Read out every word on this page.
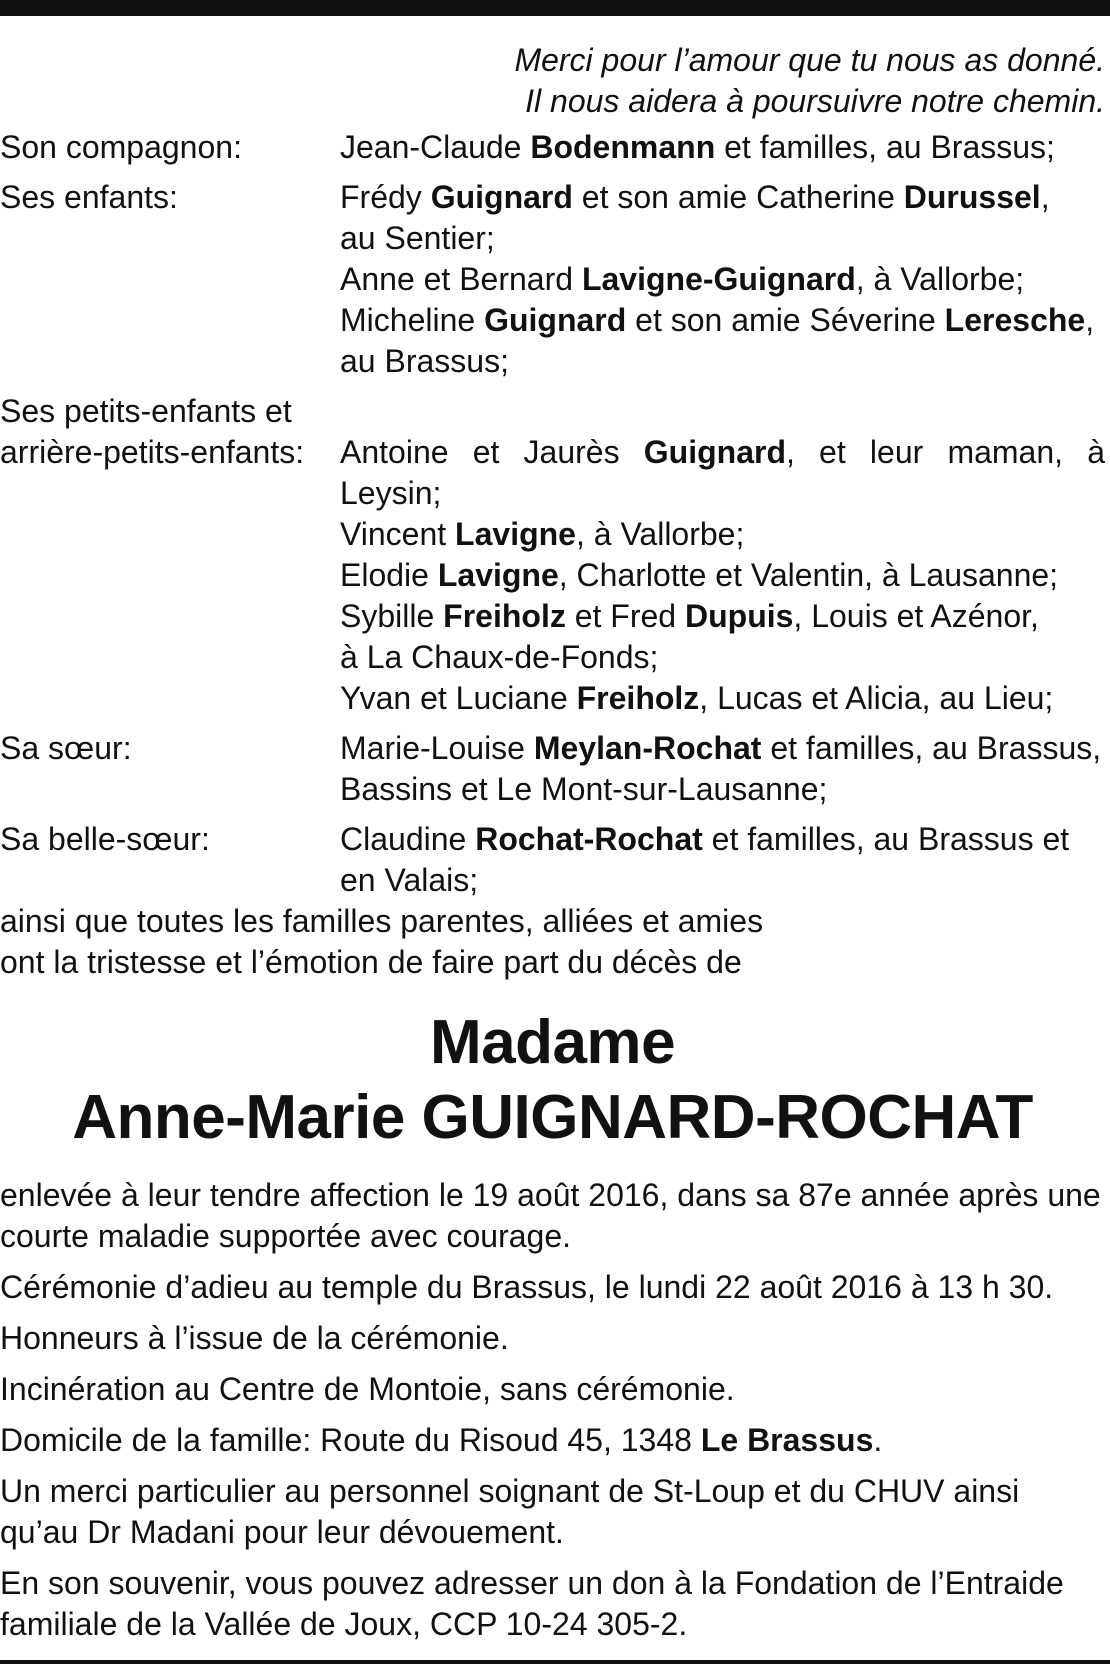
Merci pour l’amour que tu nous as donné.
Il nous aidera à poursuivre notre chemin.
Son compagnon:	Jean-Claude Bodenmann et familles, au Brassus;
Ses enfants:	Frédy Guignard et son amie Catherine Durussel,
au Sentier;
Anne et Bernard Lavigne-Guignard, à Vallorbe;
Micheline Guignard et son amie Séverine Leresche,
au Brassus;
Ses petits-enfants et
arrière-petits-enfants:
	Antoine et Jaurès Guignard, et leur maman, à Leysin;
Vincent Lavigne, à Vallorbe;
Elodie Lavigne, Charlotte et Valentin, à Lausanne;
Sybille Freiholz et Fred Dupuis, Louis et Azénor,
à La Chaux-de-Fonds;
Yvan et Luciane Freiholz, Lucas et Alicia, au Lieu;
Sa sœur:	Marie-Louise Meylan-Rochat et familles, au Brassus,
Bassins et Le Mont-sur-Lausanne;
Sa belle-sœur:	Claudine Rochat-Rochat et familles, au Brassus et
en Valais;
ainsi que toutes les familles parentes, alliées et amies
ont la tristesse et l’émotion de faire part du décès de
Madame
Anne-Marie GUIGNARD-ROCHAT
enlevée à leur tendre affection le 19 août 2016, dans sa 87e année après une courte maladie supportée avec courage.
Cérémonie d’adieu au temple du Brassus, le lundi 22 août 2016 à 13 h 30.
Honneurs à l’issue de la cérémonie.
Incinération au Centre de Montoie, sans cérémonie.
Domicile de la famille: Route du Risoud 45, 1348 Le Brassus.
Un merci particulier au personnel soignant de St-Loup et du CHUV ainsi qu’au Dr Madani pour leur dévouement.
En son souvenir, vous pouvez adresser un don à la Fondation de l’Entraide familiale de la Vallée de Joux, CCP 10-24 305-2.
